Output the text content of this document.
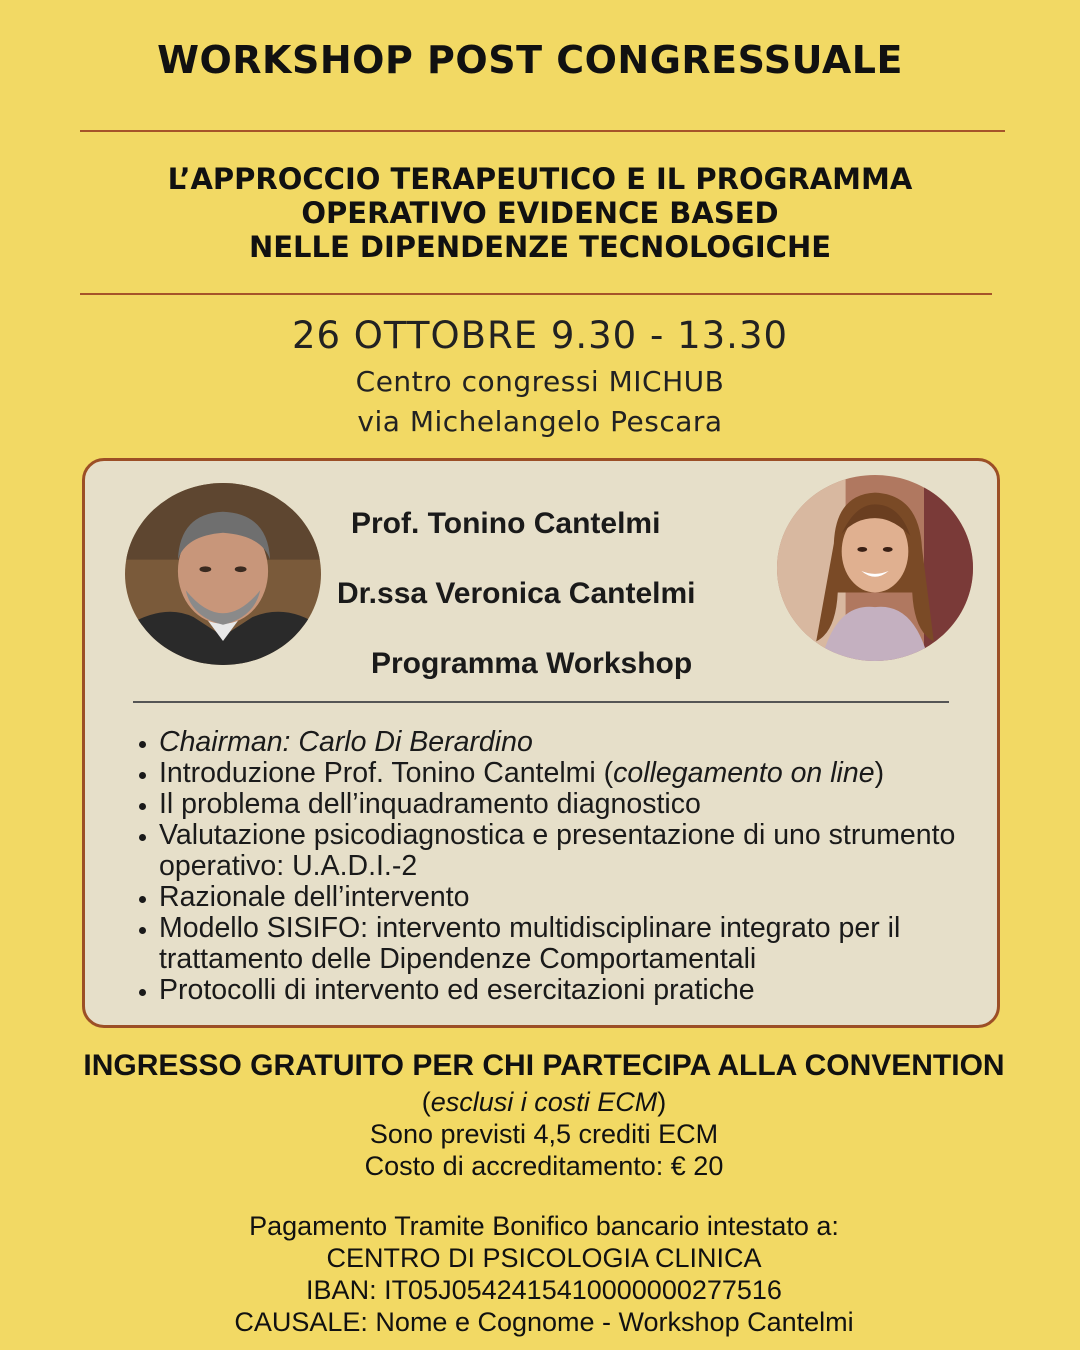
WORKSHOP POST CONGRESSUALE
L’APPROCCIO TERAPEUTICO E IL PROGRAMMA
OPERATIVO EVIDENCE BASED
NELLE DIPENDENZE TECNOLOGICHE
26 OTTOBRE 9.30 - 13.30
Centro congressi MICHUB
via Michelangelo Pescara
Prof. Tonino Cantelmi
Dr.ssa Veronica Cantelmi
Programma Workshop
• Chairman: Carlo Di Berardino
• Introduzione Prof. Tonino Cantelmi (collegamento on line)
• Il problema dell’inquadramento diagnostico
• Valutazione psicodiagnostica e presentazione di uno strumento operativo: U.A.D.I.-2
• Razionale dell’intervento
• Modello SISIFO: intervento multidisciplinare integrato per il trattamento delle Dipendenze Comportamentali
• Protocolli di intervento ed esercitazioni pratiche
INGRESSO GRATUITO PER CHI PARTECIPA ALLA CONVENTION
(esclusi i costi ECM)
Sono previsti 4,5 crediti ECM
Costo di accreditamento: € 20
Pagamento Tramite Bonifico bancario intestato a:
CENTRO DI PSICOLOGIA CLINICA
IBAN: IT05J0542415410000000277516
CAUSALE: Nome e Cognome - Workshop Cantelmi
